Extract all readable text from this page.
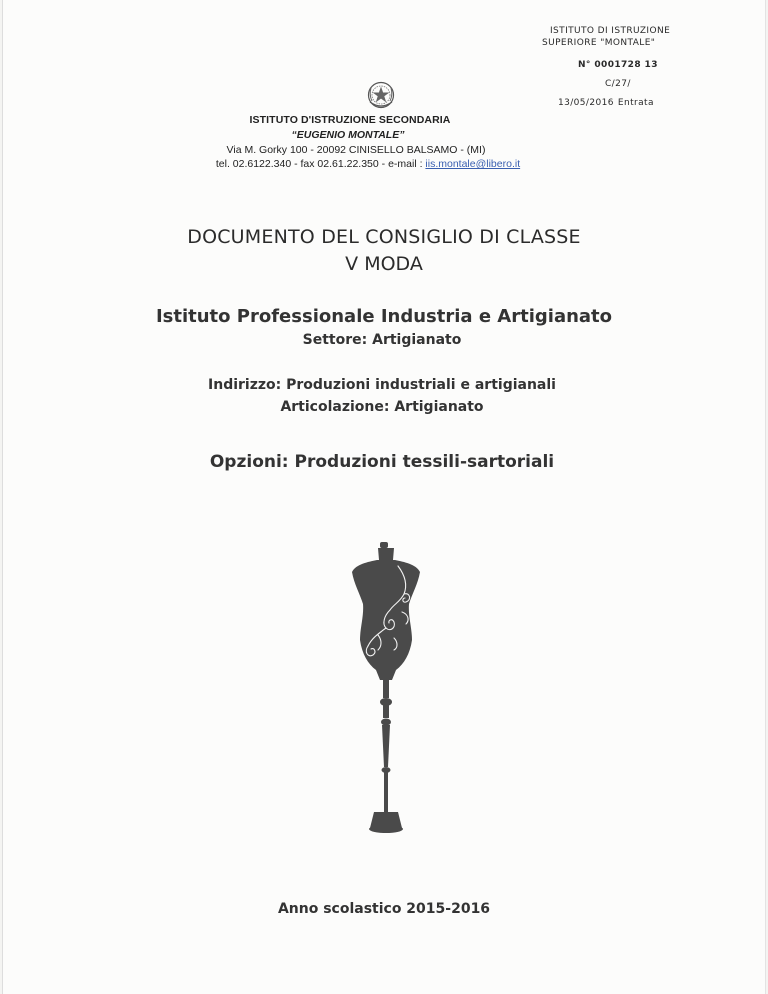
ISTITUTO DI ISTRUZIONE
SUPERIORE "MONTALE"
N° 0001728 13
C/27/
13/05/2016 Entrata
ISTITUTO D'ISTRUZIONE SECONDARIA
“EUGENIO MONTALE”
Via M. Gorky 100 - 20092 CINISELLO BALSAMO - (MI)
tel. 02.6122.340 - fax 02.61.22.350 - e-mail : iis.montale@libero.it
DOCUMENTO DEL CONSIGLIO DI CLASSE
V MODA
Istituto Professionale Industria e Artigianato
Settore: Artigianato
Indirizzo: Produzioni industriali e artigianali
Articolazione: Artigianato
Opzioni: Produzioni tessili-sartoriali
Anno scolastico 2015-2016
